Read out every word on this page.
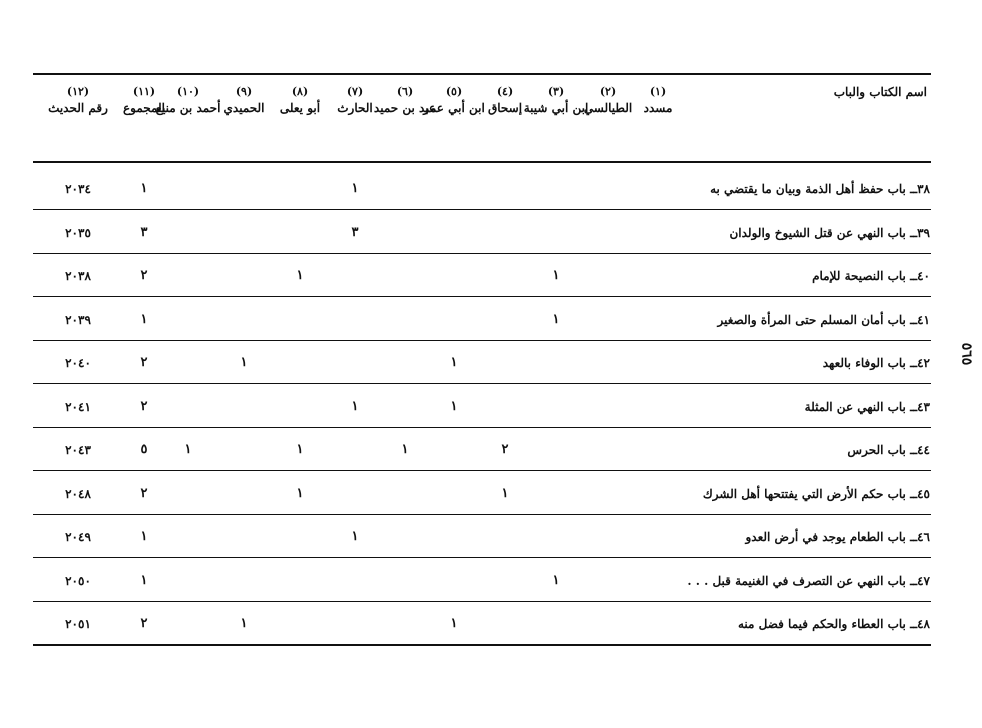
اسم الكتاب والباب
(١)
مسدد
(٢)
الطيالسي
(٣)
ابن أبي شيبة
(٤)
إسحاق
(٥)
ابن أبي عمر
(٦)
عبد بن حميد
(٧)
الحارث
(٨)
أبو يعلى
(٩)
الحميدي
(١٠)
أحمد بن منيع
(١١)
المجموع
(١٢)
رقم الحديث
٣٨ــ باب حفظ أهل الذمة وبيان ما يقتضي به
١
١
٢٠٣٤
٣٩ــ باب النهي عن قتل الشيوخ والولدان
٣
٣
٢٠٣٥
٤٠ــ باب النصيحة للإمام
١
١
٢
٢٠٣٨
٤١ــ باب أمان المسلم حتى المرأة والصغير
١
١
٢٠٣٩
٤٢ــ باب الوفاء بالعهد
١
١
٢
٢٠٤٠
٤٣ــ باب النهي عن المثلة
١
١
٢
٢٠٤١
٤٤ــ باب الحرس
٢
١
١
١
٥
٢٠٤٣
٤٥ــ باب حكم الأرض التي يفتتحها أهل الشرك
١
١
٢
٢٠٤٨
٤٦ــ باب الطعام يوجد في أرض العدو
١
١
٢٠٤٩
٤٧ــ باب النهي عن التصرف في الغنيمة قبل . . .
١
١
٢٠٥٠
٤٨ــ باب العطاء والحكم فيما فضل منه
١
١
٢
٢٠٥١
٥٦٥
